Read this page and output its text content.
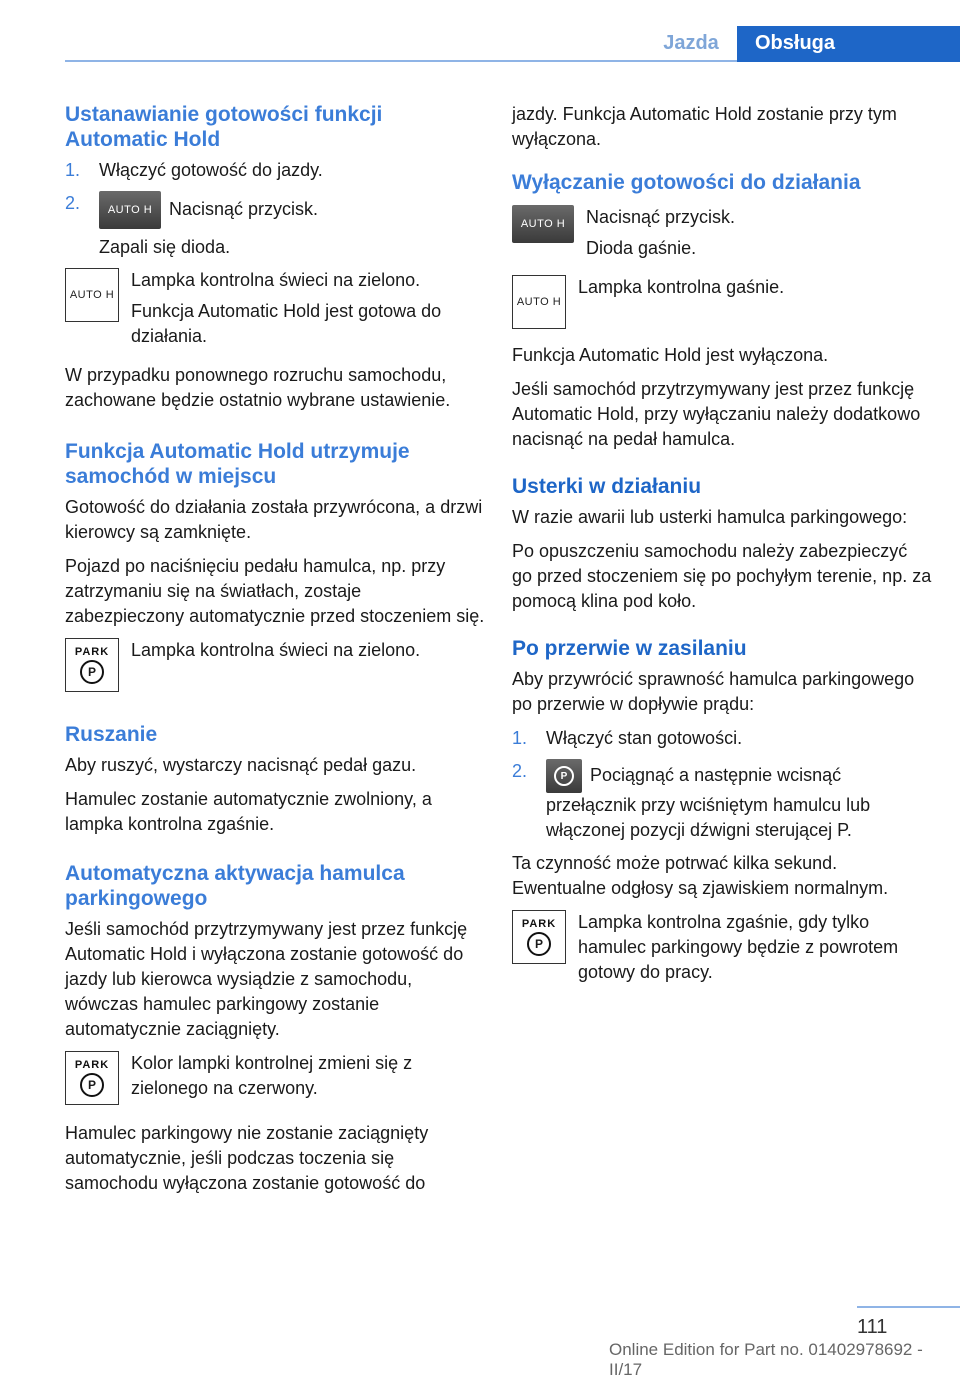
Jazda	Obsługa
Ustanawianie gotowości funkcji Automatic Hold
1. Włączyć gotowość do jazdy.
2.	AUTO H Nacisnąć przycisk.
Zapali się dioda.
AUTO H

Lampka kontrolna świeci na zielono.

Funkcja Automatic Hold jest gotowa do działania.

W przypadku ponownego rozruchu samochodu, zachowane będzie ostatnio wybrane ustawienie.

Funkcja Automatic Hold utrzymuje samochód w miejscu

Gotowość do działania została przywrócona, a drzwi kierowcy są zamknięte.

Pojazd po naciśnięciu pedału hamulca, np. przy zatrzymaniu się na światłach, zostaje zabezpieczony automatycznie przed stoczeniem się.

PARK
P

Lampka kontrolna świeci na zielono.

Ruszanie

Aby ruszyć, wystarczy nacisnąć pedał gazu.

Hamulec zostanie automatycznie zwolniony, a lampka kontrolna zgaśnie.

Automatyczna aktywacja hamulca parkingowego

Jeśli samochód przytrzymywany jest przez funkcję Automatic Hold i wyłączona zostanie gotowość do jazdy lub kierowca wysiądzie z samochodu, wówczas hamulec parkingowy zostanie automatycznie zaciągnięty.

PARK
P

Kolor lampki kontrolnej zmieni się z zielonego na czerwony.

Hamulec parkingowy nie zostanie zaciągnięty automatycznie, jeśli podczas toczenia się samochodu wyłączona zostanie gotowość do

jazdy. Funkcja Automatic Hold zostanie przy tym wyłączona.

Wyłączanie gotowości do działania
AUTO H	Nacisnąć przycisk.

Dioda gaśnie.

AUTO H

Lampka kontrolna gaśnie.

Funkcja Automatic Hold jest wyłączona.

Jeśli samochód przytrzymywany jest przez funkcję Automatic Hold, przy wyłączaniu należy dodatkowo nacisnąć na pedał hamulca.

Usterki w działaniu

W razie awarii lub usterki hamulca parkingowego:

Po opuszczeniu samochodu należy zabezpieczyć go przed stoczeniem się po pochyłym terenie, np. za pomocą klina pod koło.

Po przerwie w zasilaniu

Aby przywrócić sprawność hamulca parkingowego po przerwie w dopływie prądu:

1. Włączyć stan gotowości.
2.	P	Pociągnąć a następnie wcisnąć przełącznik przy wciśniętym hamulcu lub włączonej pozycji dźwigni sterującej P.

Ta czynność może potrwać kilka sekund. Ewentualne odgłosy są zjawiskiem normalnym.

PARK
P

Lampka kontrolna zgaśnie, gdy tylko hamulec parkingowy będzie z powrotem gotowy do pracy.

111
Online Edition for Part no. 01402978692 - II/17
